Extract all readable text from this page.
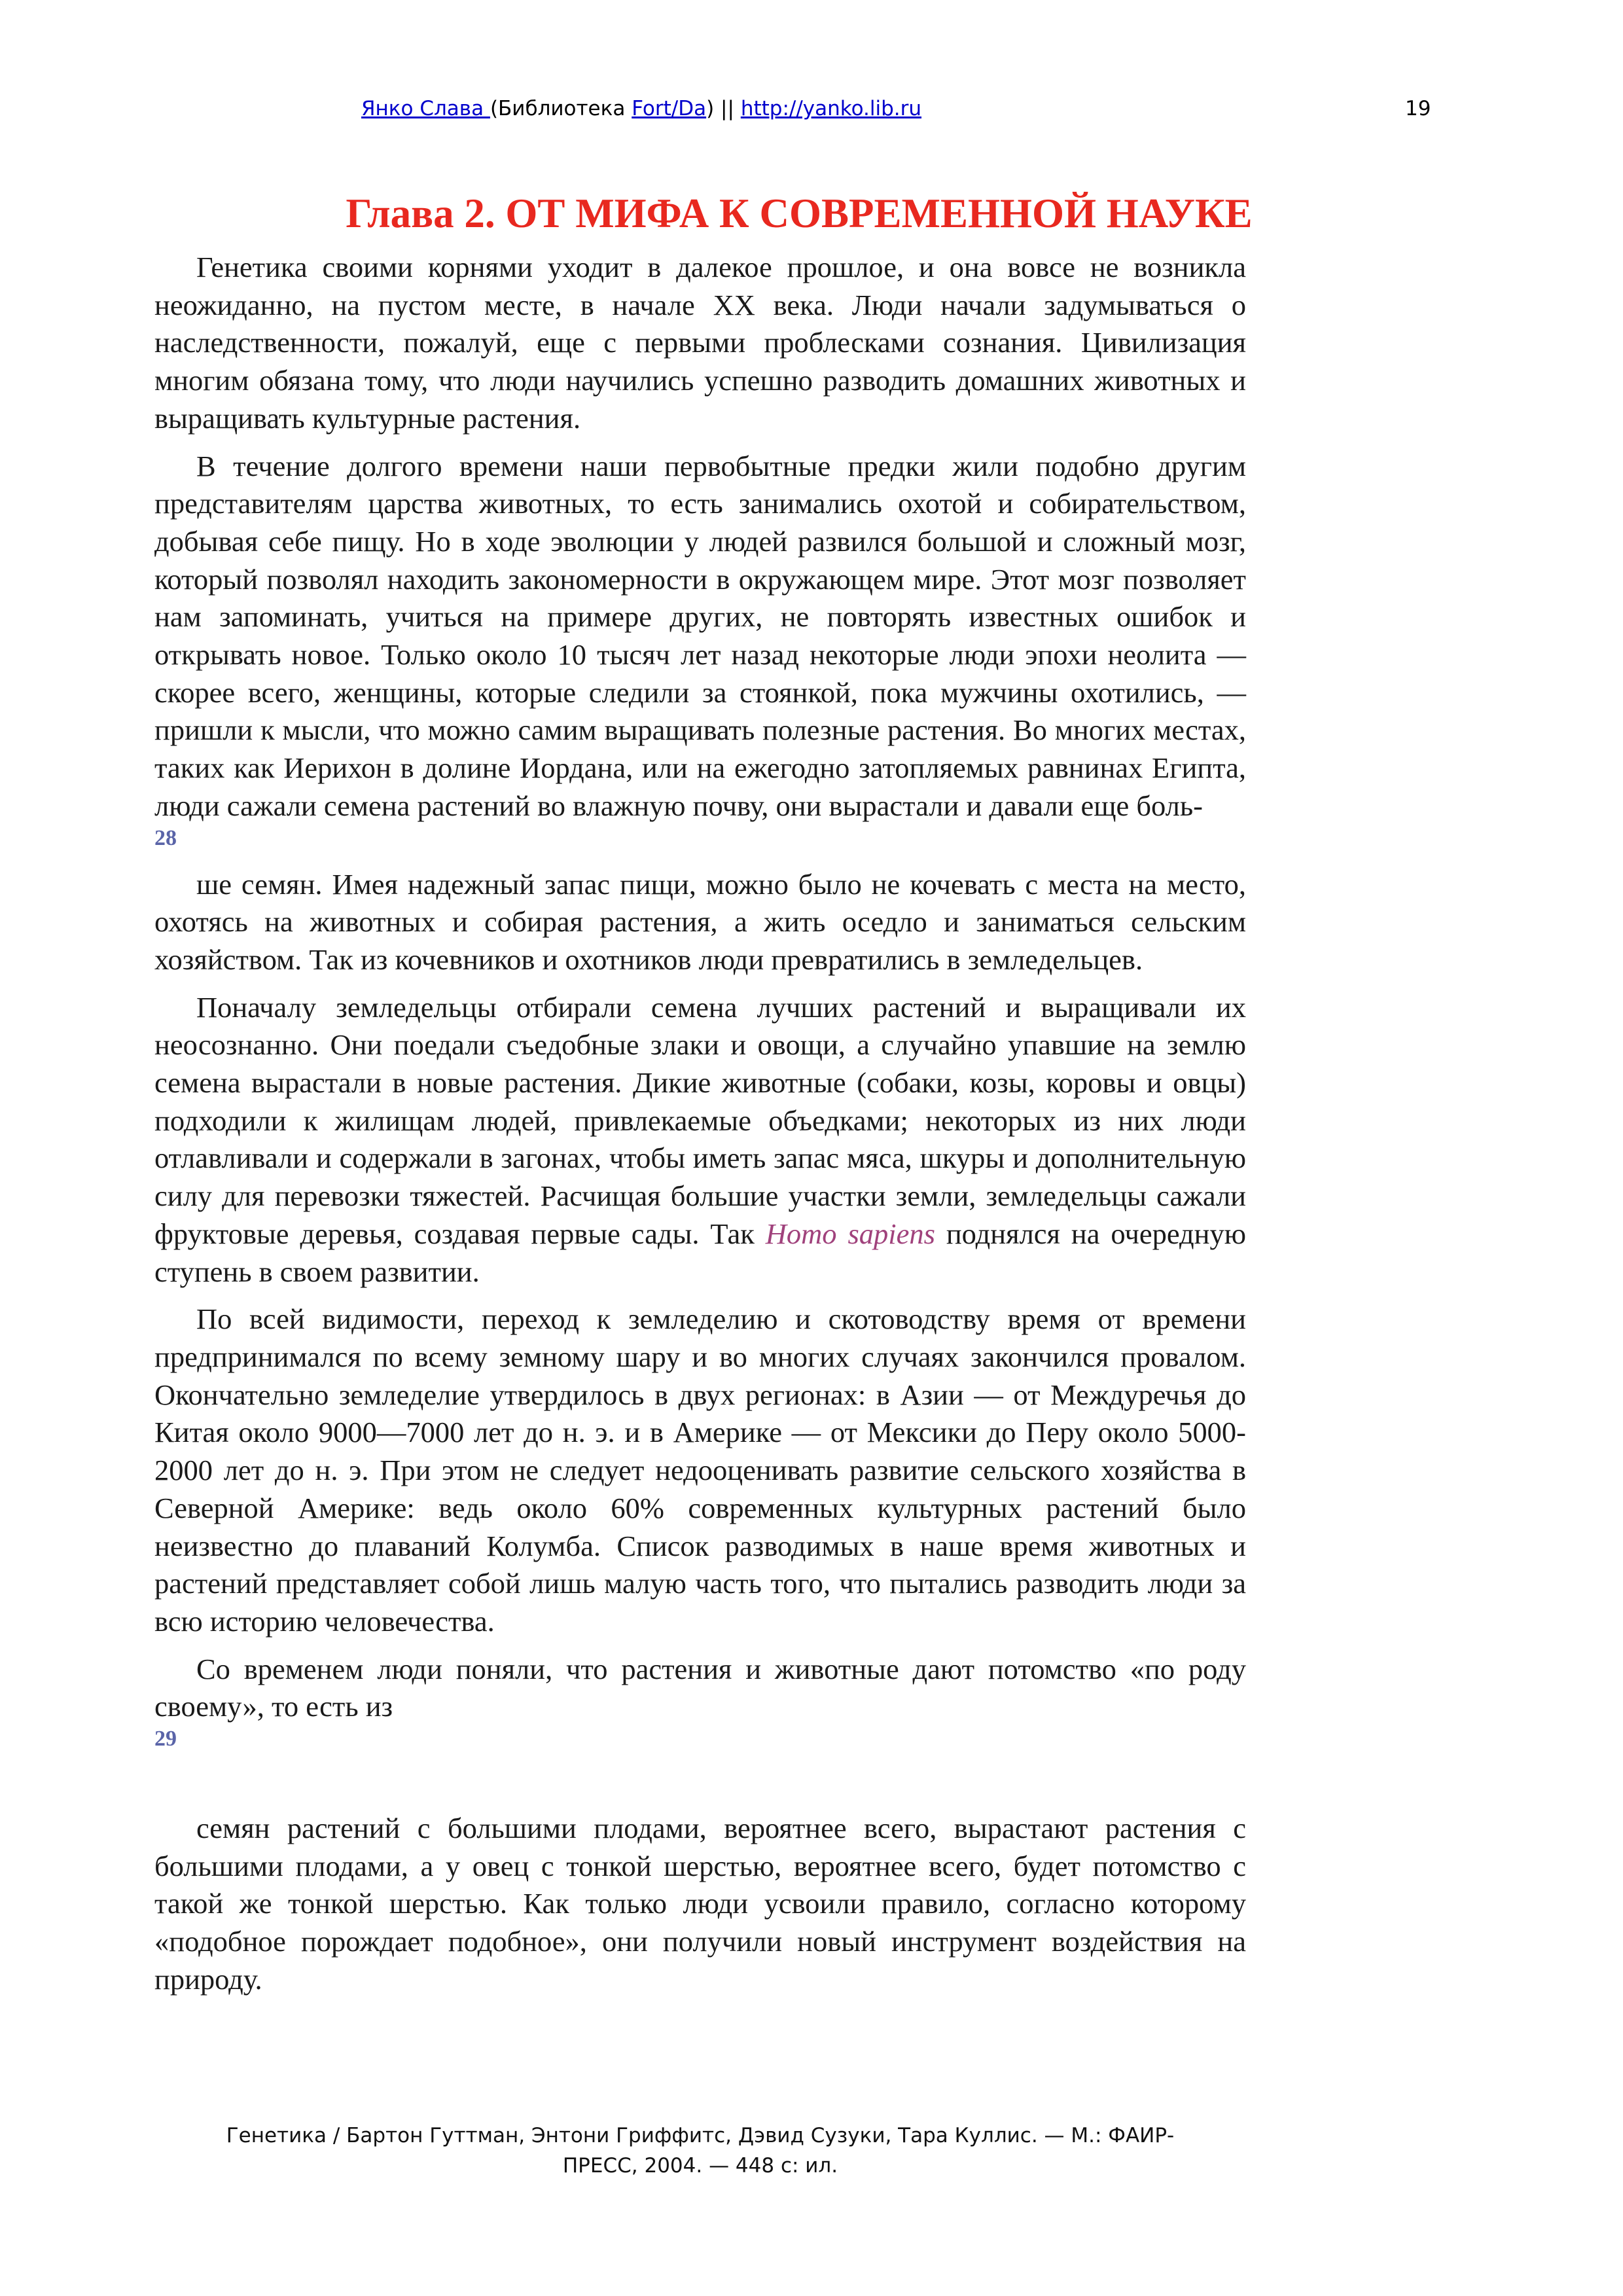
Янко Слава (Библиотека Fort/Da) || http://yanko.lib.ru	19
Глава 2. ОТ МИФА К СОВРЕМЕННОЙ НАУКЕ

Генетика своими корнями уходит в далекое прошлое, и она вовсе не возникла неожиданно, на пустом месте, в начале XX века. Люди начали задумываться о наследственности, пожалуй, еще с первыми проблесками сознания. Цивилизация многим обязана тому, что люди научились успешно разводить домашних животных и выращивать культурные растения.

В течение долгого времени наши первобытные предки жили подобно другим представителям царства животных, то есть занимались охотой и собирательством, добывая себе пищу. Но в ходе эволюции у людей развился большой и сложный мозг, который позволял находить закономерности в окружающем мире. Этот мозг позволяет нам запоминать, учиться на примере других, не повторять известных ошибок и открывать новое. Только около 10 тысяч лет назад некоторые люди эпохи неолита — скорее всего, женщины, которые следили за стоянкой, пока мужчины охотились, — пришли к мысли, что можно самим выращивать полезные растения. Во многих местах, таких как Иерихон в долине Иордана, или на ежегодно затопляемых равнинах Египта, люди сажали семена растений во влажную почву, они вырастали и давали еще боль-

28

ше семян. Имея надежный запас пищи, можно было не кочевать с места на место, охотясь на животных и собирая растения, а жить оседло и заниматься сельским хозяйством. Так из кочевников и охотников люди превратились в земледельцев.

Поначалу земледельцы отбирали семена лучших растений и выращивали их неосознанно. Они поедали съедобные злаки и овощи, а случайно упавшие на землю семена вырастали в новые растения. Дикие животные (собаки, козы, коровы и овцы) подходили к жилищам людей, привлекаемые объедками; некоторых из них люди отлавливали и содержали в загонах, чтобы иметь запас мяса, шкуры и дополнительную силу для перевозки тяжестей. Расчищая большие участки земли, земледельцы сажали фруктовые деревья, создавая первые сады. Так Homo sapiens поднялся на очередную ступень в своем развитии.

По всей видимости, переход к земледелию и скотоводству время от времени предпринимался по всему земному шару и во многих случаях закончился провалом. Окончательно земледелие утвердилось в двух регионах: в Азии — от Междуречья до Китая около 9000—7000 лет до н. э. и в Америке — от Мексики до Перу около 5000-2000 лет до н. э. При этом не следует недооценивать развитие сельского хозяйства в Северной Америке: ведь около 60% современных культурных растений было неизвестно до плаваний Колумба. Список разводимых в наше время животных и растений представляет собой лишь малую часть того, что пытались разводить люди за всю историю человечества.

Со временем люди поняли, что растения и животные дают потомство «по роду своему», то есть из

29

семян растений с большими плодами, вероятнее всего, вырастают растения с большими плодами, а у овец с тонкой шерстью, вероятнее всего, будет потомство с такой же тонкой шерстью. Как только люди усвоили правило, согласно которому «подобное порождает подобное», они получили новый инструмент воздействия на природу.

Генетика / Бартон Гуттман, Энтони Гриффитс, Дэвид Сузуки, Тара Куллис. — М.: ФАИР-
ПРЕСС, 2004. — 448 с: ил.
